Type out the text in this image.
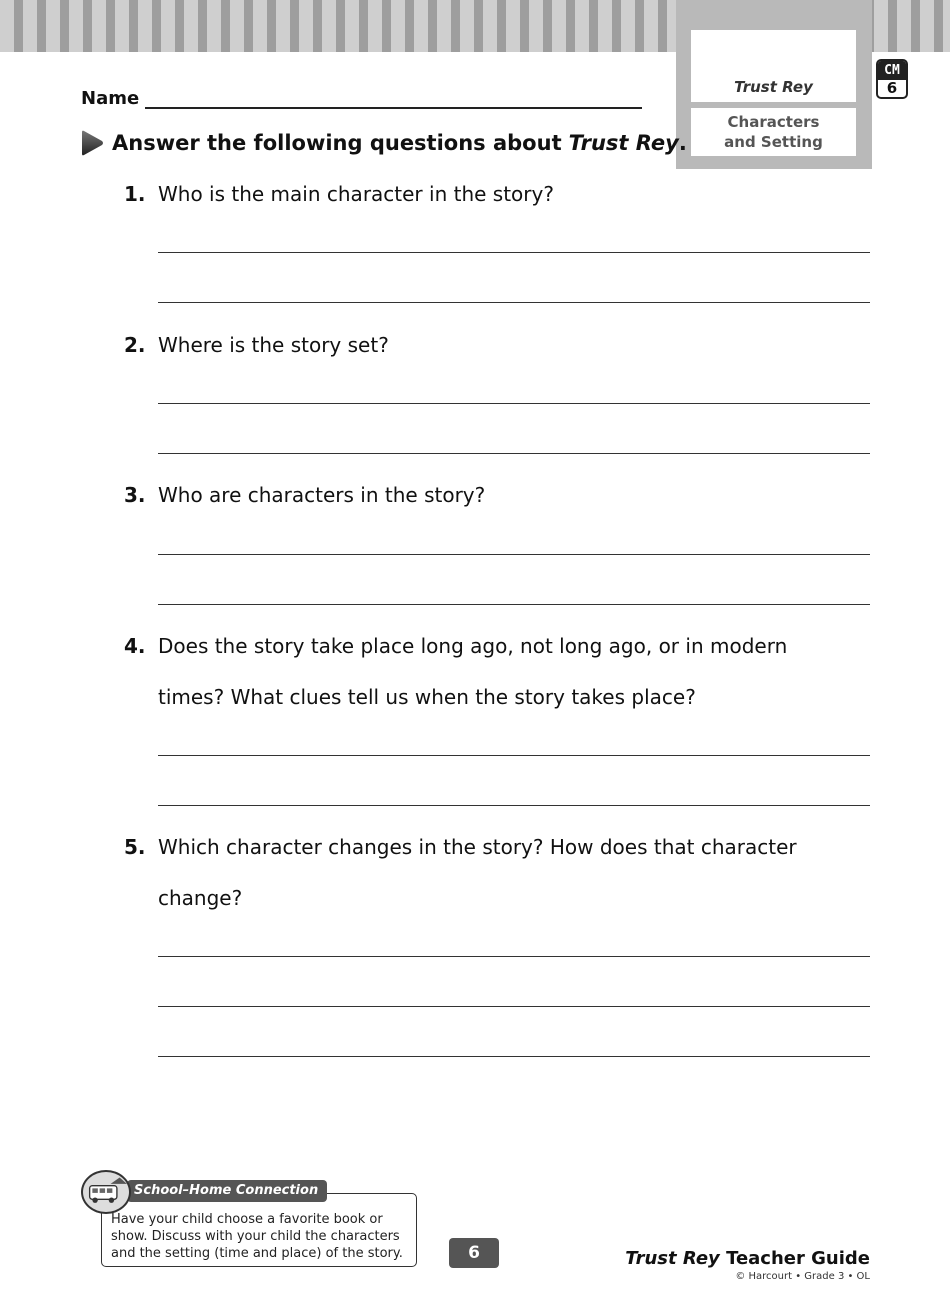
Trust Rey
Characters
and Setting
CM
6
Name
Answer the following questions about Trust Rey .
1. Who is the main character in the story?
2. Where is the story set?
3. Who are characters in the story?
4. Does the story take place long ago, not long ago, or in modern
times? What clues tell us when the story takes place?
5. Which character changes in the story? How does that character
change?
Have your child choose a favorite book or
show. Discuss with your child the characters
and the setting (time and place) of the story.
School–Home Connection
6	Trust Rey Teacher Guide
© Harcourt • Grade 3 • OL
